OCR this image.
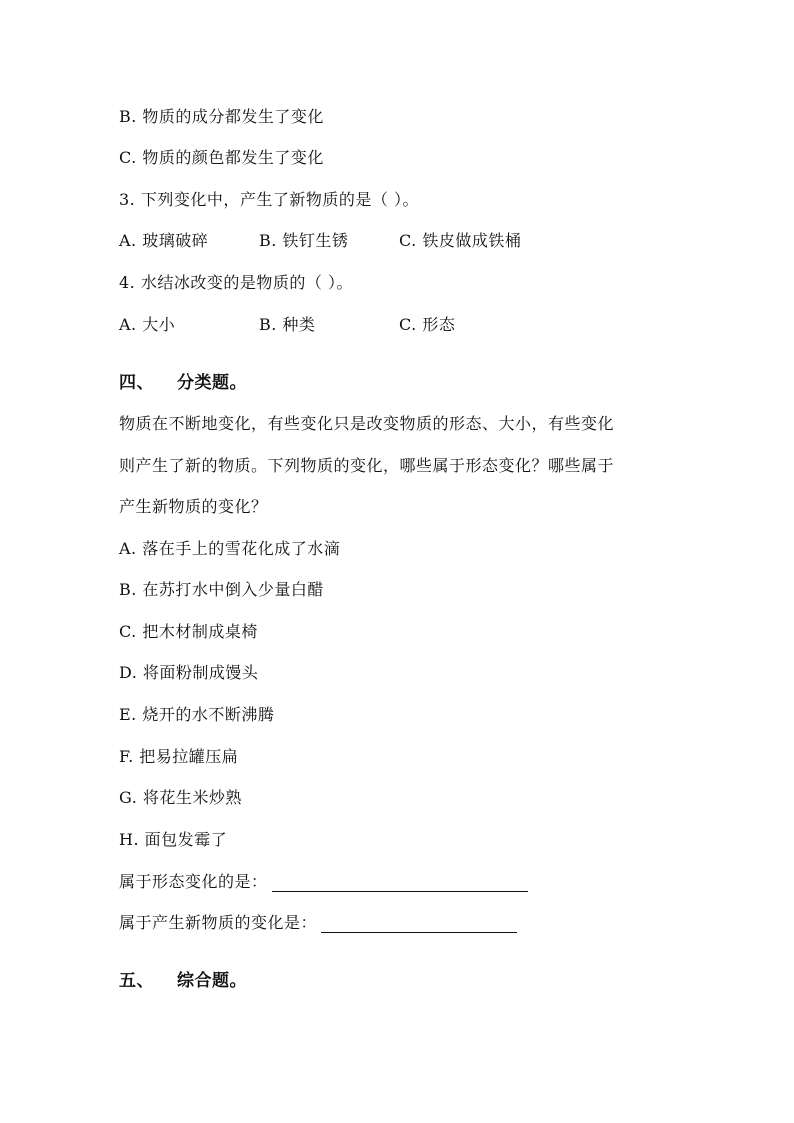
B. 物质的成分都发生了变化
C. 物质的颜色都发生了变化
3. 下列变化中，产生了新物质的是（ ）。
A. 玻璃破碎	B. 铁钉生锈	C. 铁皮做成铁桶
4. 水结冰改变的是物质的（ ）。
A. 大小	B. 种类	C. 形态
四、 分类题。
物质在不断地变化，有些变化只是改变物质的形态、大小，有些变化
则产生了新的物质。下列物质的变化，哪些属于形态变化？哪些属于
产生新物质的变化？
A. 落在手上的雪花化成了水滴
B. 在苏打水中倒入少量白醋
C. 把木材制成桌椅
D. 将面粉制成馒头
E. 烧开的水不断沸腾
F. 把易拉罐压扁
G. 将花生米炒熟
H. 面包发霉了
属于形态变化的是：
属于产生新物质的变化是：
五、 综合题。
